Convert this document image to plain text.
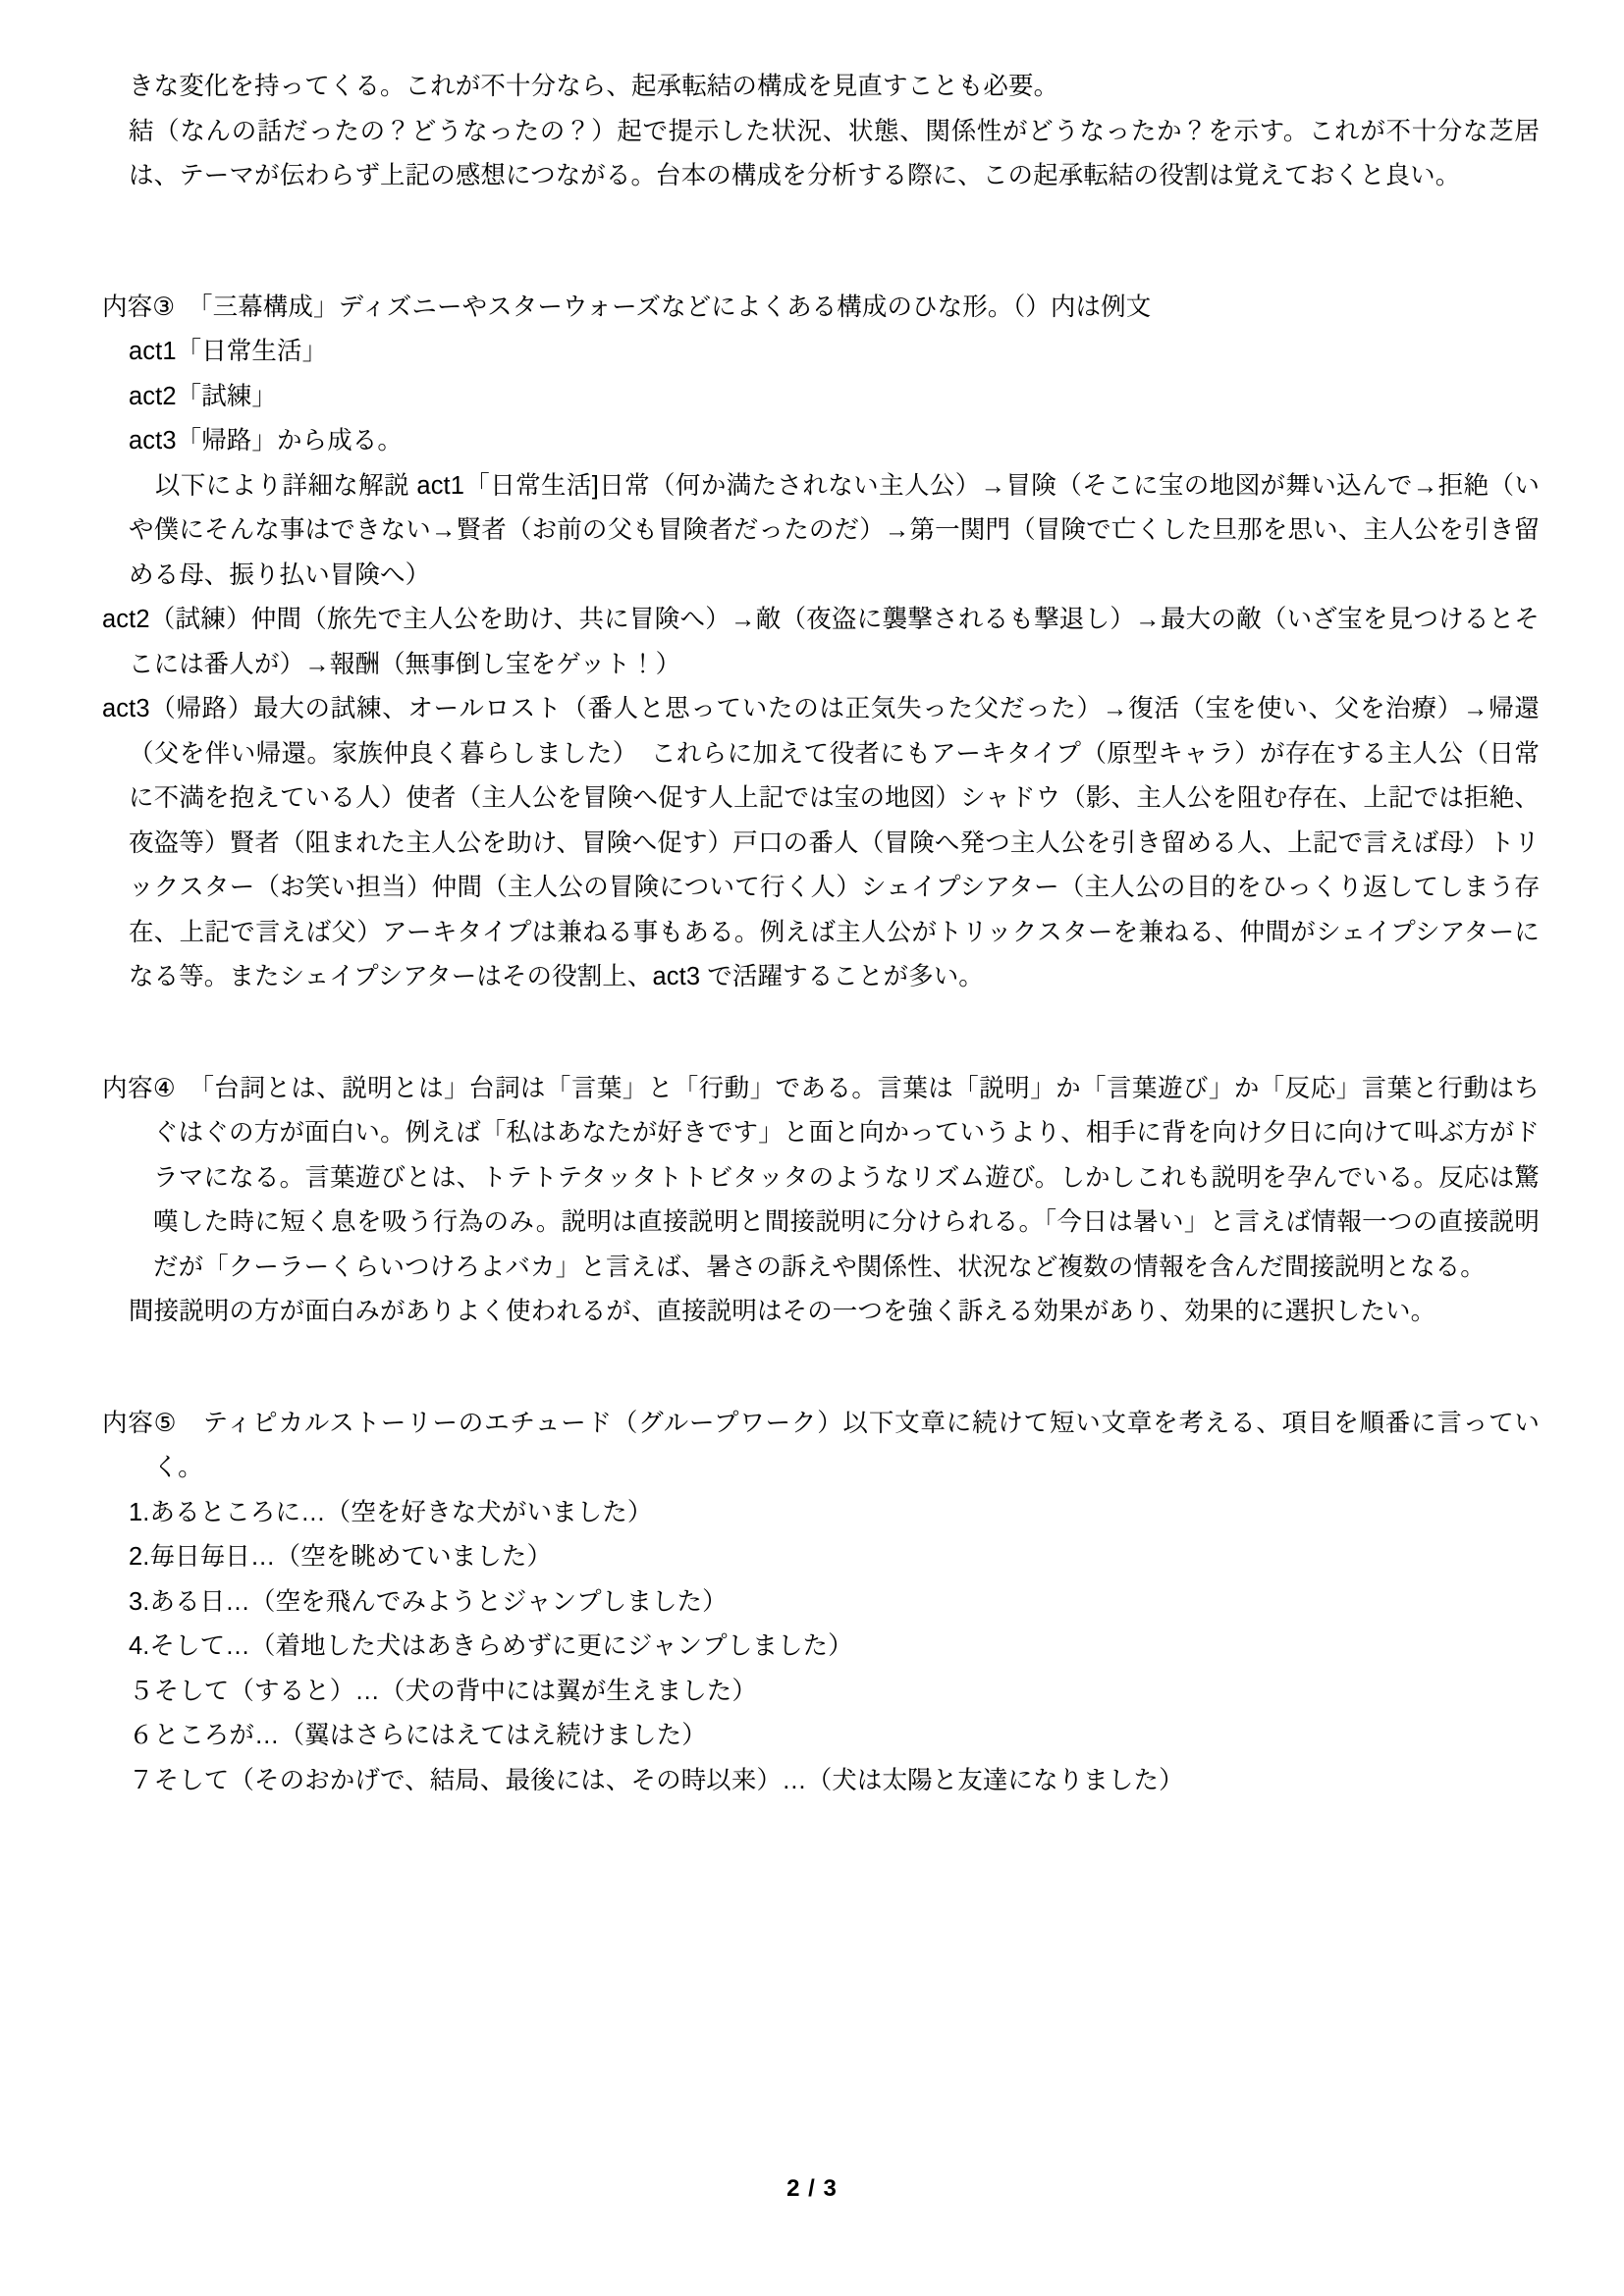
きな変化を持ってくる。これが不十分なら、起承転結の構成を見直すことも必要。

結（なんの話だったの？どうなったの？）起で提示した状況、状態、関係性がどうなったか？を示す。これが不十分な芝居は、テーマが伝わらず上記の感想につながる。台本の構成を分析する際に、この起承転結の役割は覚えておくと良い。

内容③　「三幕構成」ディズニーやスターウォーズなどによくある構成のひな形。（）内は例文

act1「日常生活」

act2「試練」

act3「帰路」から成る。

以下により詳細な解説 act1「日常生活]日常（何か満たされない主人公）→冒険（そこに宝の地図が舞い込んで→拒絶（いや僕にそんな事はできない→賢者（お前の父も冒険者だったのだ）→第一関門（冒険で亡くした旦那を思い、主人公を引き留める母、振り払い冒険へ）

act2（試練）仲間（旅先で主人公を助け、共に冒険へ）→敵（夜盗に襲撃されるも撃退し）→最大の敵（いざ宝を見つけるとそこには番人が）→報酬（無事倒し宝をゲット！）

act3（帰路）最大の試練、オールロスト（番人と思っていたのは正気失った父だった）→復活（宝を使い、父を治療）→帰還（父を伴い帰還。家族仲良く暮らしました）　これらに加えて役者にもアーキタイプ（原型キャラ）が存在する主人公（日常に不満を抱えている人）使者（主人公を冒険へ促す人上記では宝の地図）シャドウ（影、主人公を阻む存在、上記では拒絶、夜盗等）賢者（阻まれた主人公を助け、冒険へ促す）戸口の番人（冒険へ発つ主人公を引き留める人、上記で言えば母）トリックスター（お笑い担当）仲間（主人公の冒険について行く人）シェイプシアター（主人公の目的をひっくり返してしまう存在、上記で言えば父）アーキタイプは兼ねる事もある。例えば主人公がトリックスターを兼ねる、仲間がシェイプシアターになる等。またシェイプシアターはその役割上、act3 で活躍することが多い。

内容④　「台詞とは、説明とは」台詞は「言葉」と「行動」である。言葉は「説明」か「言葉遊び」か「反応」言葉と行動はちぐはぐの方が面白い。例えば「私はあなたが好きです」と面と向かっていうより、相手に背を向け夕日に向けて叫ぶ方がドラマになる。言葉遊びとは、トテトテタッタトトビタッタのようなリズム遊び。しかしこれも説明を孕んでいる。反応は驚嘆した時に短く息を吸う行為のみ。説明は直接説明と間接説明に分けられる。「今日は暑い」と言えば情報一つの直接説明だが「クーラーくらいつけろよバカ」と言えば、暑さの訴えや関係性、状況など複数の情報を含んだ間接説明となる。

間接説明の方が面白みがありよく使われるが、直接説明はその一つを強く訴える効果があり、効果的に選択したい。

内容⑤　ティピカルストーリーのエチュード（グループワーク）以下文章に続けて短い文章を考える、項目を順番に言っていく。

1.あるところに…（空を好きな犬がいました）

2.毎日毎日…（空を眺めていました）

3.ある日…（空を飛んでみようとジャンプしました）

4.そして…（着地した犬はあきらめずに更にジャンプしました）

５そして（すると）…（犬の背中には翼が生えました）

６ところが…（翼はさらにはえてはえ続けました）

７そして（そのおかげで、結局、最後には、その時以来）…（犬は太陽と友達になりました）

2 / 3
